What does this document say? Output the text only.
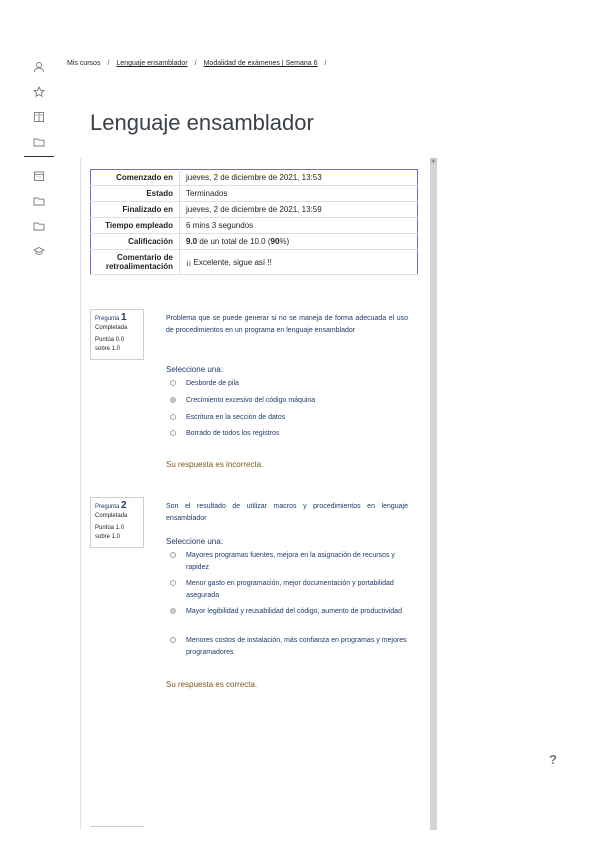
Mis cursos / Lenguaje ensamblador / Modalidad de exámenes | Semana 6 /
Lenguaje ensamblador
▲
Comenzado en	jueves, 2 de diciembre de 2021, 13:53
Estado	Terminados
Finalizado en	jueves, 2 de diciembre de 2021, 13:59
Tiempo empleado	6 mins 3 segundos
Calificación	9.0 de un total de 10.0 (90%)
Comentario de retroalimentación	¡¡ Excelente, sigue así !!
Pregunta 1
Completada
Puntúa 0.0 sobre 1.0
Problema que se puede generar si no se maneja de forma adecuada el uso de procedimientos en un programa en lenguaje ensamblador
Seleccione una:
Desborde de pila
Crecimiento excesivo del código máquina
Escritura en la sección de datos
Borrado de todos los registros
Su respuesta es incorrecta.
Pregunta 2
Completada
Puntúa 1.0 sobre 1.0
Son el resultado de utilizar macros y procedimientos en lenguaje ensamblador
Seleccione una:
Mayores programas fuentes, mejora en la asignación de recursos y rapidez
Menor gasto en programación, mejor documentación y portabilidad asegurada
Mayor legibilidad y reusabilidad del código, aumento de productividad
Menores costos de instalación, más confianza en programas y mejores programadores
Su respuesta es correcta.
?
